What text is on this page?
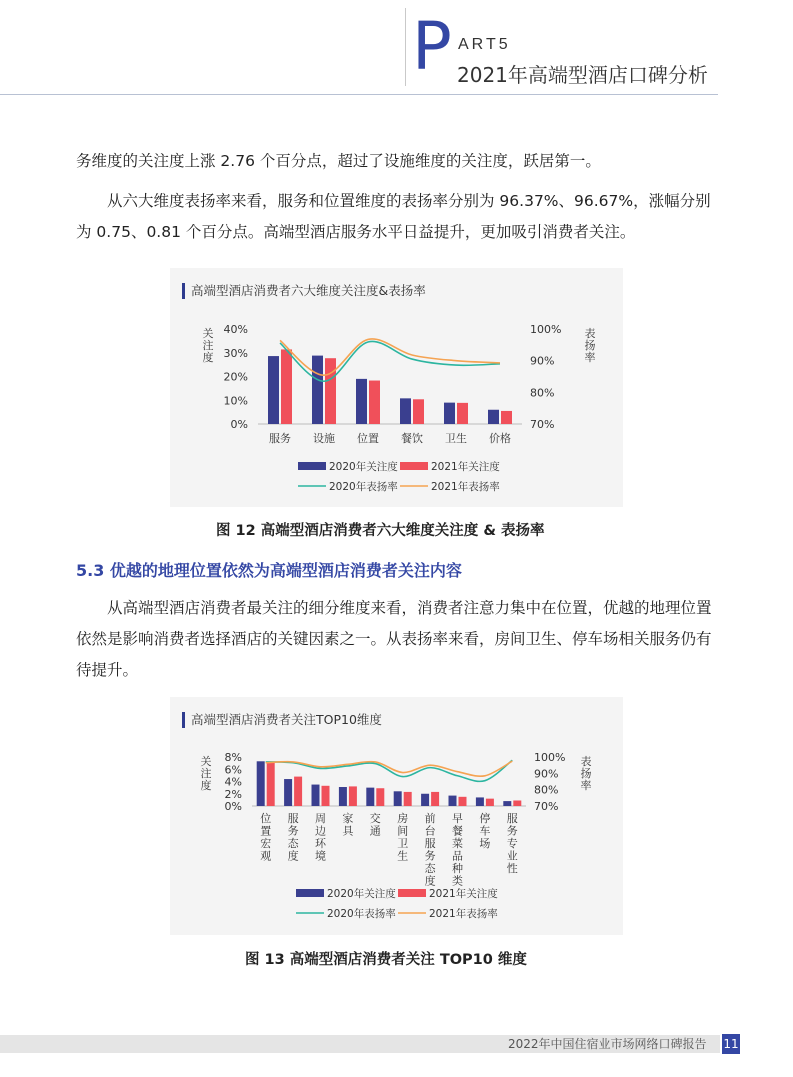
P ART5
2021年高端型酒店口碑分析

务维度的关注度上涨 2.76 个百分点，超过了设施维度的关注度，跃居第一。

从六大维度表扬率来看，服务和位置维度的表扬率分别为 96.37%、96.67%，涨幅分别为 0.75、0.81 个百分点。高端型酒店服务水平日益提升，更加吸引消费者关注。

高端型酒店消费者六大维度关注度&表扬率
0%
10%
20%
30%
40%
70%
80%
90%
100%
关
注
度
表
扬
率
服务 设施 位置 餐饮 卫生 价格
2020年关注度	2021年关注度
2020年表扬率	2021年表扬率
图 12 高端型酒店消费者六大维度关注度 & 表扬率
5.3 优越的地理位置依然为高端型酒店消费者关注内容

从高端型酒店消费者最关注的细分维度来看，消费者注意力集中在位置，优越的地理位置依然是影响消费者选择酒店的关键因素之一。从表扬率来看，房间卫生、停车场相关服务仍有待提升。

高端型酒店消费者关注TOP10维度
0%
2%
4%
6%
8%
70%
80%
90%
100%
关
注
度
表
扬
率
位
置
宏
观
服
务
态
度
周
边
环
境
家
具
交
通
房
间
卫
生
前
台
服
务
态
度
早
餐
菜
品
种
类
停
车
场
服
务
专
业
性
2020年关注度	2021年关注度
2020年表扬率	2021年表扬率
图 13 高端型酒店消费者关注 TOP10 维度
2022年中国住宿业市场网络口碑报告 11
